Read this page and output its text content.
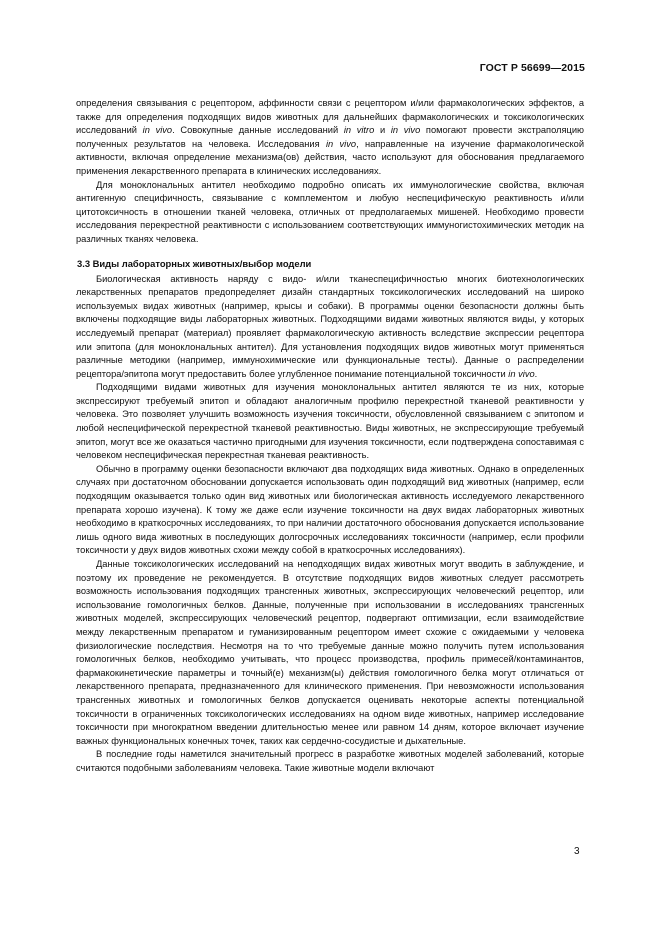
ГОСТ Р 56699—2015

определения связывания с рецептором, аффинности связи с рецептором и/или фармакологических эффектов, а также для определения подходящих видов животных для дальнейших фармакологических и токсикологических исследований in vivo. Совокупные данные исследований in vitro и in vivo помогают провести экстраполяцию полученных результатов на человека. Исследования in vivo, направленные на изучение фармакологической активности, включая определение механизма(ов) действия, часто используют для обоснования предлагаемого применения лекарственного препарата в клинических исследованиях.

Для моноклональных антител необходимо подробно описать их иммунологические свойства, включая антигенную специфичность, связывание с комплементом и любую неспецифическую реактивность и/или цитотоксичность в отношении тканей человека, отличных от предполагаемых мишеней. Необходимо провести исследования перекрестной реактивности с использованием соответствующих иммуногистохимических методик на различных тканях человека.

3.3 Виды лабораторных животных/выбор модели

Биологическая активность наряду с видо- и/или тканеспецифичностью многих биотехнологических лекарственных препаратов предопределяет дизайн стандартных токсикологических исследований на широко используемых видах животных (например, крысы и собаки). В программы оценки безопасности должны быть включены подходящие виды лабораторных животных. Подходящими видами животных являются виды, у которых исследуемый препарат (материал) проявляет фармакологическую активность вследствие экспрессии рецептора или эпитопа (для моноклональных антител). Для установления подходящих видов животных могут применяться различные методики (например, иммунохимические или функциональные тесты). Данные о распределении рецептора/эпитопа могут предоставить более углубленное понимание потенциальной токсичности in vivo.

Подходящими видами животных для изучения моноклональных антител являются те из них, которые экспрессируют требуемый эпитоп и обладают аналогичным профилю перекрестной тканевой реактивности у человека. Это позволяет улучшить возможность изучения токсичности, обусловленной связыванием с эпитопом и любой неспецифической перекрестной тканевой реактивностью. Виды животных, не экспрессирующие требуемый эпитоп, могут все же оказаться частично пригодными для изучения токсичности, если подтверждена сопоставимая с человеком неспецифическая перекрестная тканевая реактивность.

Обычно в программу оценки безопасности включают два подходящих вида животных. Однако в определенных случаях при достаточном обосновании допускается использовать один подходящий вид животных (например, если подходящим оказывается только один вид животных или биологическая активность исследуемого лекарственного препарата хорошо изучена). К тому же даже если изучение токсичности на двух видах лабораторных животных необходимо в краткосрочных исследованиях, то при наличии достаточного обоснования допускается использование лишь одного вида животных в последующих долгосрочных исследованиях токсичности (например, если профили токсичности у двух видов животных схожи между собой в краткосрочных исследованиях).

Данные токсикологических исследований на неподходящих видах животных могут вводить в заблуждение, и поэтому их проведение не рекомендуется. В отсутствие подходящих видов животных следует рассмотреть возможность использования подходящих трансгенных животных, экспрессирующих человеческий рецептор, или использование гомологичных белков. Данные, полученные при использовании в исследованиях трансгенных животных моделей, экспрессирующих человеческий рецептор, подвергают оптимизации, если взаимодействие между лекарственным препаратом и гуманизированным рецептором имеет схожие с ожидаемыми у человека физиологические последствия. Несмотря на то что требуемые данные можно получить путем использования гомологичных белков, необходимо учитывать, что процесс производства, профиль примесей/контаминантов, фармакокинетические параметры и точный(е) механизм(ы) действия гомологичного белка могут отличаться от лекарственного препарата, предназначенного для клинического применения. При невозможности использования трансгенных животных и гомологичных белков допускается оценивать некоторые аспекты потенциальной токсичности в ограниченных токсикологических исследованиях на одном виде животных, например исследование токсичности при многократном введении длительностью менее или равном 14 дням, которое включает изучение важных функциональных конечных точек, таких как сердечно-сосудистые и дыхательные.

В последние годы наметился значительный прогресс в разработке животных моделей заболеваний, которые считаются подобными заболеваниям человека. Такие животные модели включают

3
